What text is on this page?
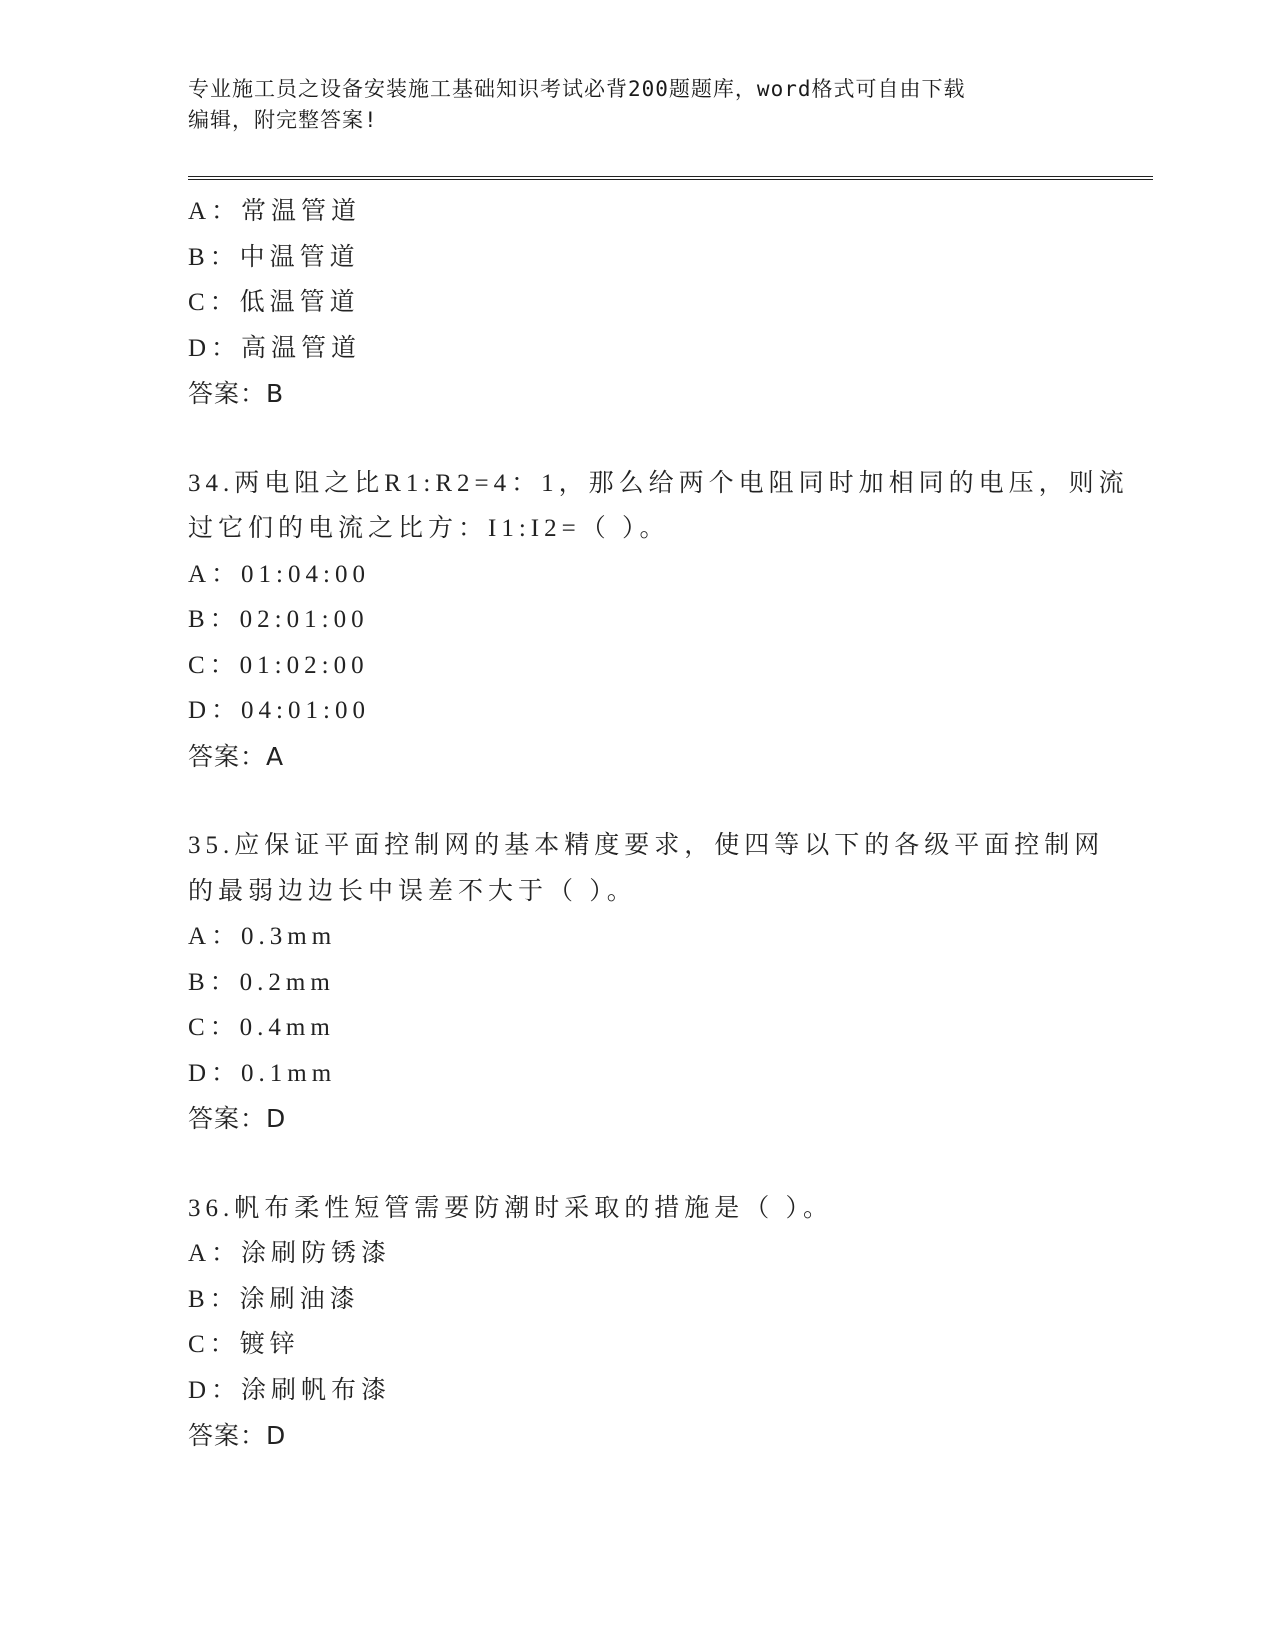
专业施工员之设备安装施工基础知识考试必背200题题库，word格式可自由下载
编辑，附完整答案!
A：常温管道
B：中温管道
C：低温管道
D：高温管道
答案：B
34.两电阻之比R1:R2=4：1，那么给两个电阻同时加相同的电压，则流
过它们的电流之比方：I1:I2=（ ）。
A：01:04:00
B：02:01:00
C：01:02:00
D：04:01:00
答案：A
35.应保证平面控制网的基本精度要求，使四等以下的各级平面控制网
的最弱边边长中误差不大于（ ）。
A：0.3mm
B：0.2mm
C：0.4mm
D：0.1mm
答案：D
36.帆布柔性短管需要防潮时采取的措施是（ ）。
A：涂刷防锈漆
B：涂刷油漆
C：镀锌
D：涂刷帆布漆
答案：D
